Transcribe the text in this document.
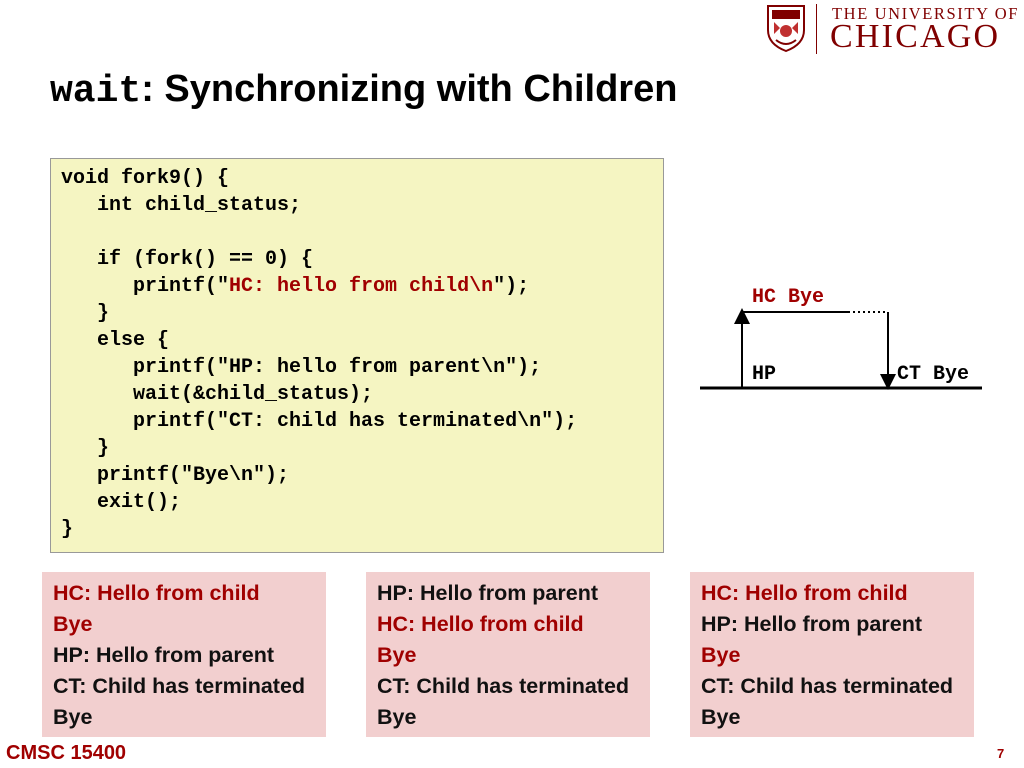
THE UNIVERSITY OF
CHICAGO
wait: Synchronizing with Children
void fork9() {
int child_status;
if (fork() == 0) {
printf("HC: hello from child\n");
}
else {
printf("HP: hello from parent\n");
wait(&child_status);
printf("CT: child has terminated\n");
}
printf("Bye\n");
exit();
}
HC Bye
HP	CT Bye
HC: Hello from child
Bye
HP: Hello from parent
CT: Child has terminated
Bye
HP: Hello from parent
HC: Hello from child
Bye
CT: Child has terminated
Bye
HC: Hello from child
HP: Hello from parent
Bye
CT: Child has terminated
Bye
CMSC 15400	7
